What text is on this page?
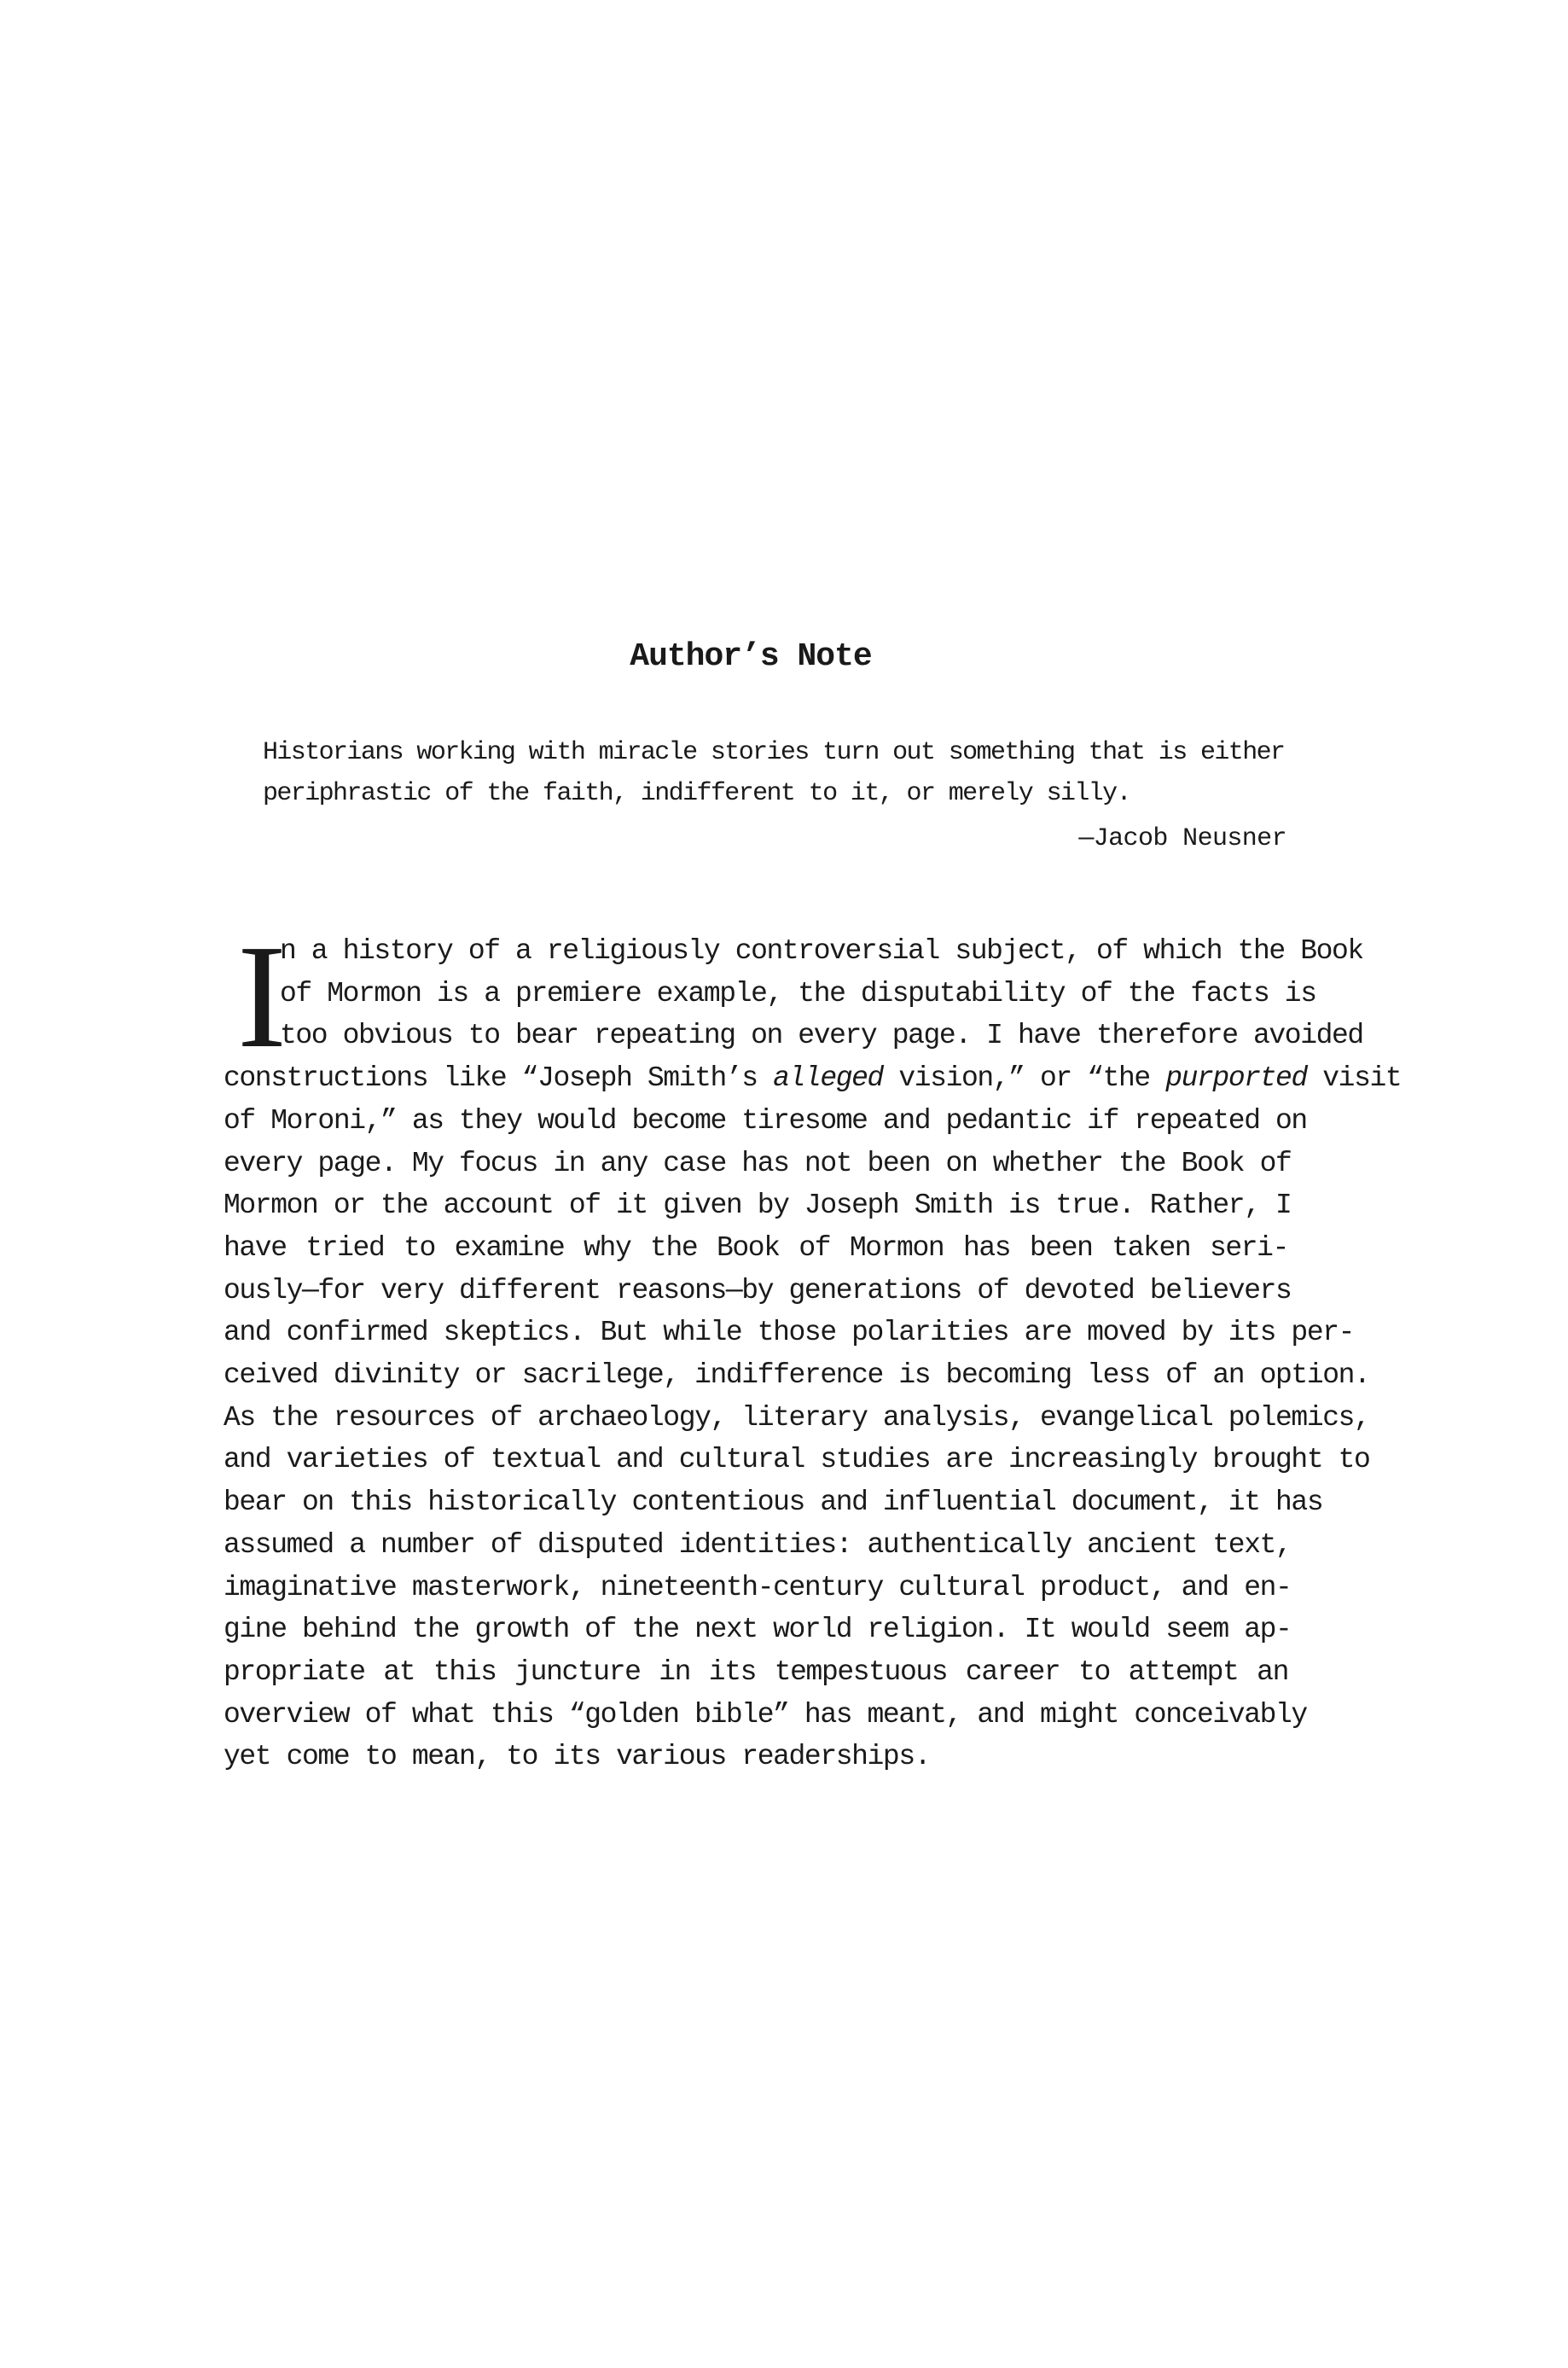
Author’s Note
Historians working with miracle stories turn out something that is either
periphrastic of the faith, indifferent to it, or merely silly.
—Jacob Neusner
I
n a history of a religiously controversial subject, of which the Book
of Mormon is a premiere example, the disputability of the facts is
too obvious to bear repeating on every page. I have therefore avoided
constructions like “Joseph Smith’s alleged vision,” or “the purported visit
of Moroni,” as they would become tiresome and pedantic if repeated on
every page. My focus in any case has not been on whether the Book of
Mormon or the account of it given by Joseph Smith is true. Rather, I
have tried to examine why the Book of Mormon has been taken seri-
ously—for very different reasons—by generations of devoted believers
and confirmed skeptics. But while those polarities are moved by its per-
ceived divinity or sacrilege, indifference is becoming less of an option.
As the resources of archaeology, literary analysis, evangelical polemics,
and varieties of textual and cultural studies are increasingly brought to
bear on this historically contentious and influential document, it has
assumed a number of disputed identities: authentically ancient text,
imaginative masterwork, nineteenth-century cultural product, and en-
gine behind the growth of the next world religion. It would seem ap-
propriate at this juncture in its tempestuous career to attempt an
overview of what this “golden bible” has meant, and might conceivably
yet come to mean, to its various readerships.
